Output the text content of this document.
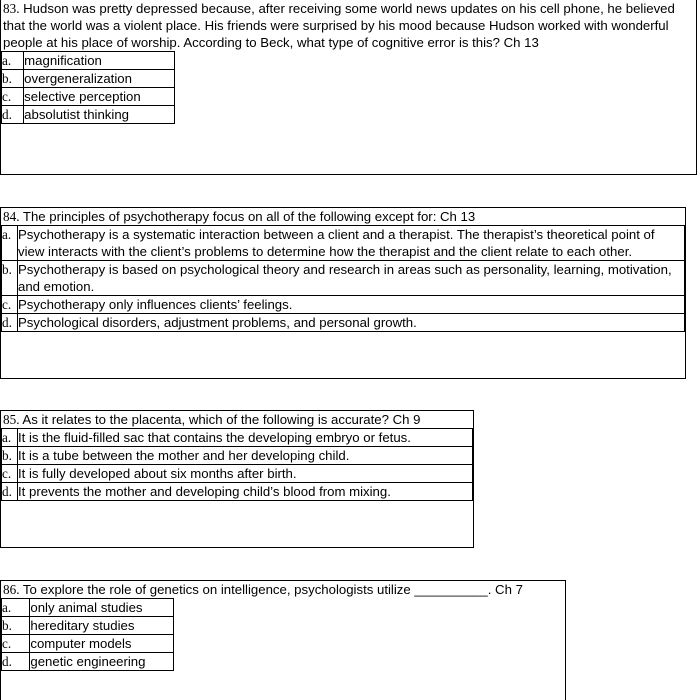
83. Hudson was pretty depressed because, after receiving some world news updates on his cell phone, he believed that the world was a violent place. His friends were surprised by his mood because Hudson worked with wonderful people at his place of worship. According to Beck, what type of cognitive error is this? Ch 13
a.	magnification
b.	overgeneralization
c.	selective perception
d.	absolutist thinking
84. The principles of psychotherapy focus on all of the following except for: Ch 13
a.	Psychotherapy is a systematic interaction between a client and a therapist. The therapist’s theoretical point of view interacts with the client’s problems to determine how the therapist and the client relate to each other.
b.	Psychotherapy is based on psychological theory and research in areas such as personality, learning, motivation, and emotion.
c.	Psychotherapy only influences clients’ feelings.
d.	Psychological disorders, adjustment problems, and personal growth.
85. As it relates to the placenta, which of the following is accurate? Ch 9
a.	It is the fluid-filled sac that contains the developing embryo or fetus.
b.	It is a tube between the mother and her developing child.
c.	It is fully developed about six months after birth.
d.	It prevents the mother and developing child’s blood from mixing.
86. To explore the role of genetics on intelligence, psychologists utilize __________. Ch 7
a.	only animal studies
b.	hereditary studies
c.	computer models
d.	genetic engineering
